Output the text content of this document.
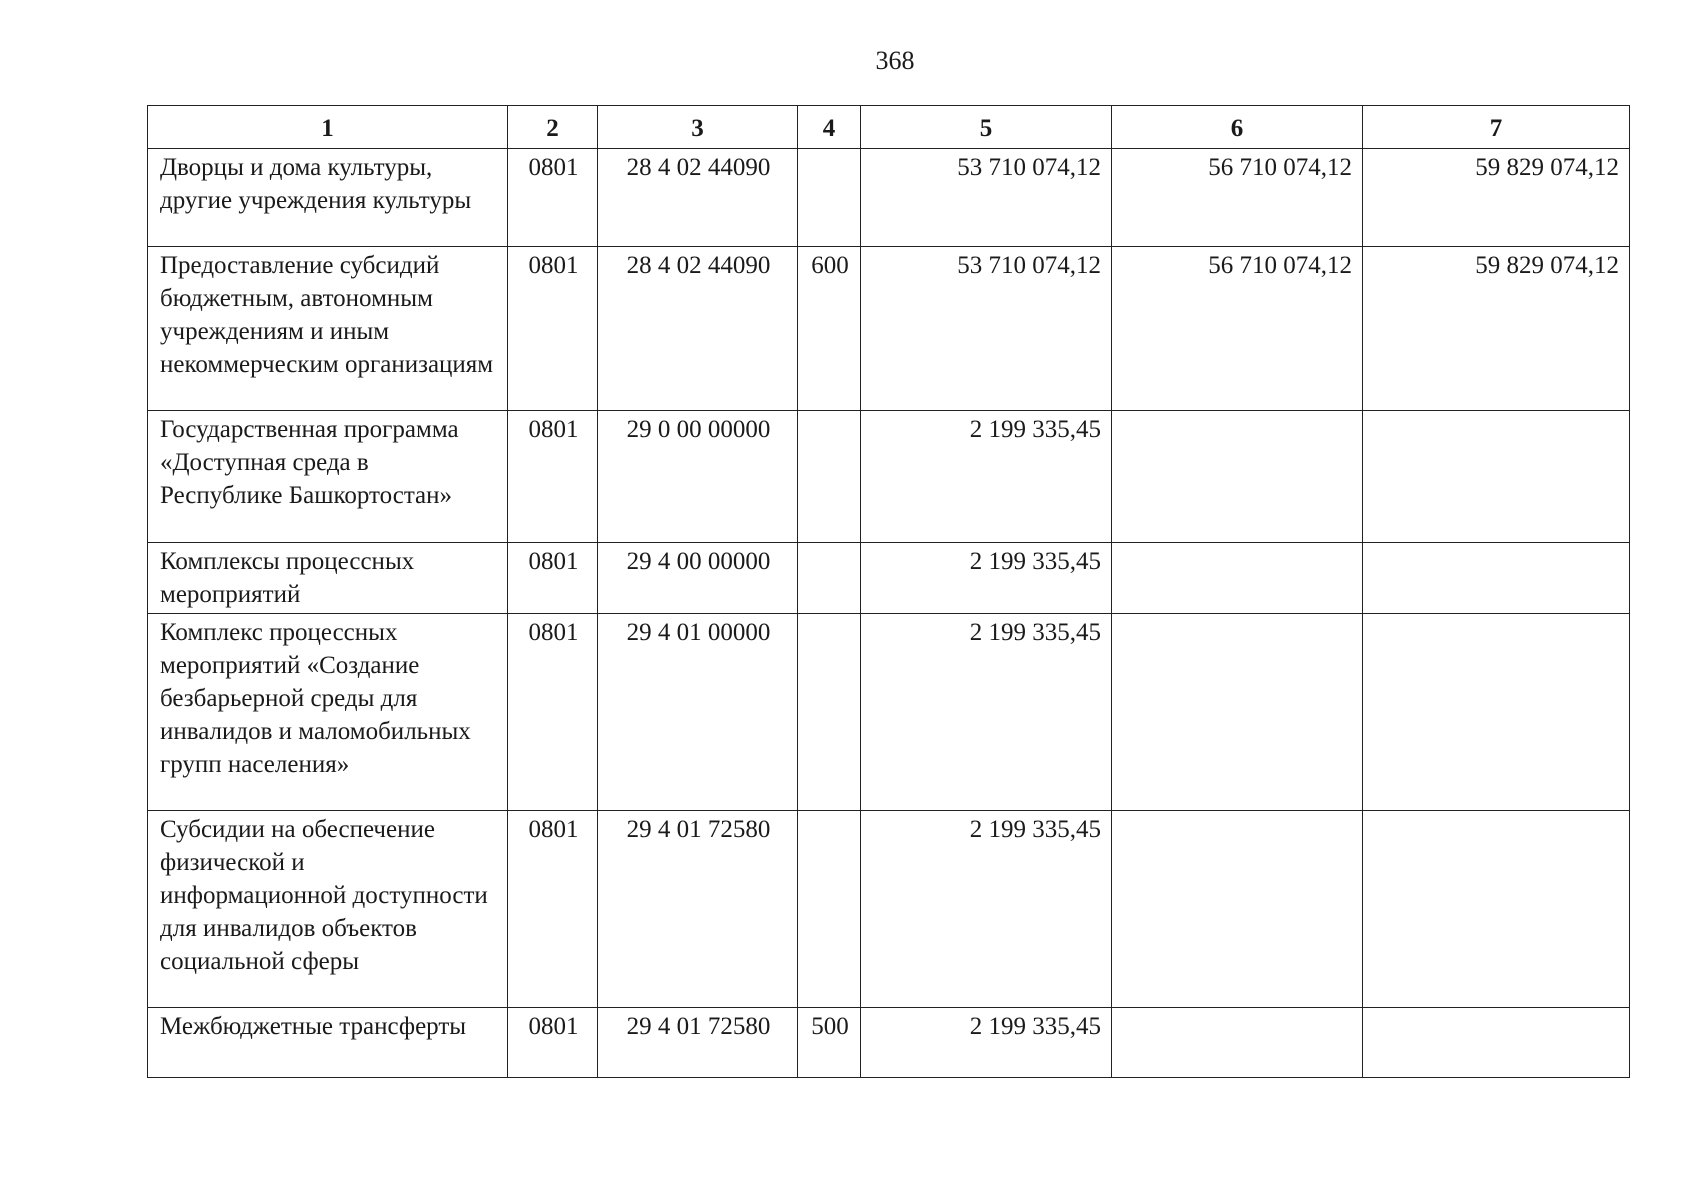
368
1	2	3	4	5	6	7
Дворцы и дома культуры, другие учреждения культуры	0801	28 4 02 44090		53 710 074,12	56 710 074,12	59 829 074,12
Предоставление субсидий бюджетным, автономным учреждениям и иным некоммерческим организациям	0801	28 4 02 44090	600	53 710 074,12	56 710 074,12	59 829 074,12
Государственная программа «Доступная среда в Республике Башкортостан»	0801	29 0 00 00000		2 199 335,45		
Комплексы процессных мероприятий	0801	29 4 00 00000		2 199 335,45		
Комплекс процессных мероприятий «Создание безбарьерной среды для инвалидов и маломобильных групп населения»	0801	29 4 01 00000		2 199 335,45		
Субсидии на обеспечение физической и информационной доступности для инвалидов объектов социальной сферы	0801	29 4 01 72580		2 199 335,45		
Межбюджетные трансферты	0801	29 4 01 72580	500	2 199 335,45		
